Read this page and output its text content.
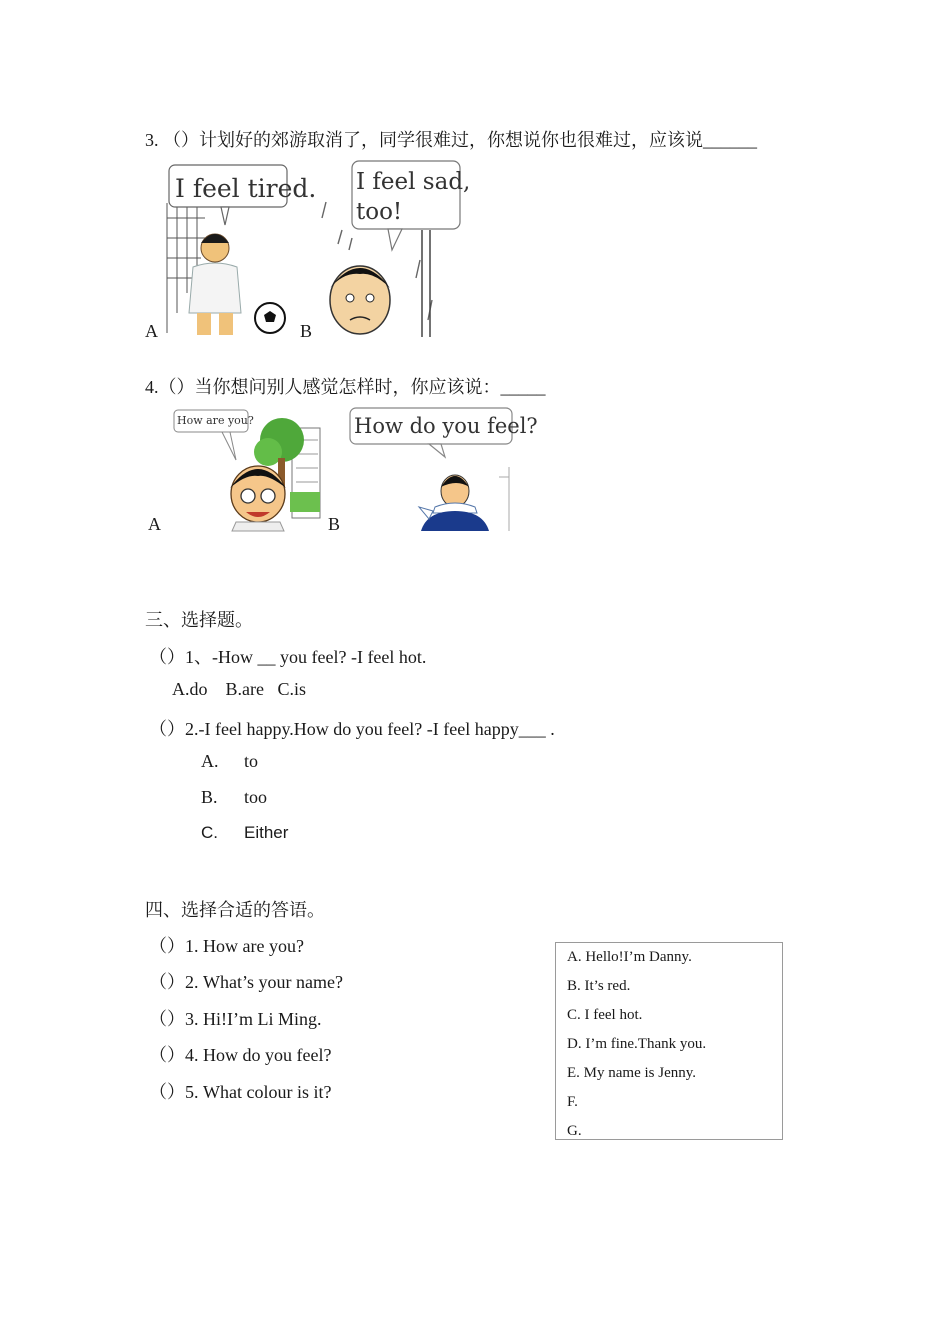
3. （）计划好的郊游取消了，同学很难过，你想说你也很难过，应该说______
A
I feel tired.
B
I feel sad,
too!
4.（）当你想问别人感觉怎样时，你应该说：_____
A
How are you?
B
How do you feel?
三、选择题。
（）1、-How __ you feel? -I feel hot.
A.do    B.are   C.is
（）2.-I feel happy.How do you feel? -I feel happy___ .
A. to
B. too
C. Either
四、选择合适的答语。
（）1. How are you?
（）2. What’s your name?
（）3. Hi!I’m Li Ming.
（）4. How do you feel?
（）5. What colour is it?
A. Hello!I’m Danny.
B. It’s red.
C. I feel hot.
D. I’m fine.Thank you.
E. My name is Jenny.
F.
G.
